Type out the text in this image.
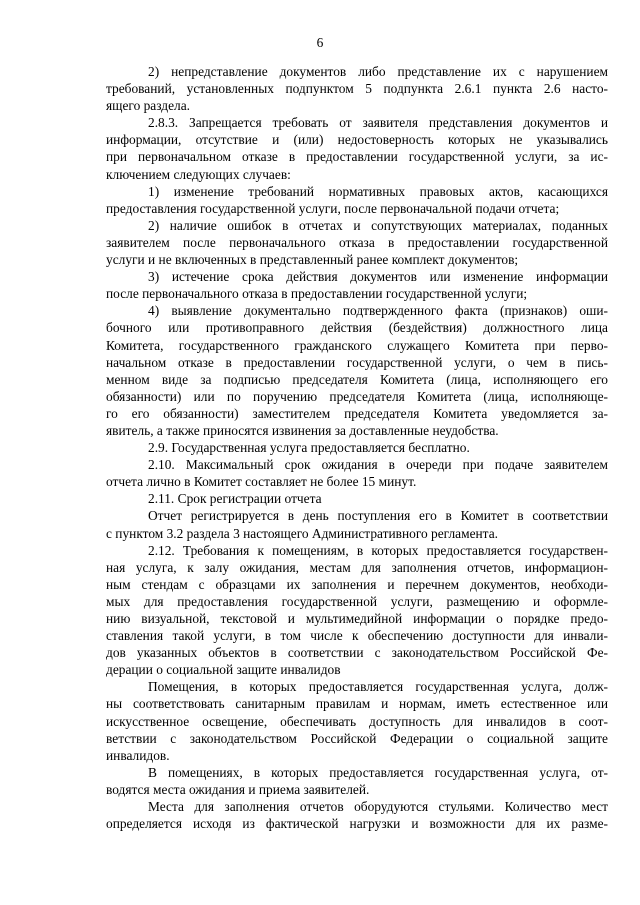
6
2) непредставление документов либо представление их с нарушением
требований, установленных подпунктом 5 подпункта 2.6.1 пункта 2.6 насто-
ящего раздела.
2.8.3. Запрещается требовать от заявителя представления документов и
информации, отсутствие и (или) недостоверность которых не указывались
при первоначальном отказе в предоставлении государственной услуги, за ис-
ключением следующих случаев:
1) изменение требований нормативных правовых актов, касающихся
предоставления государственной услуги, после первоначальной подачи отчета;
2) наличие ошибок в отчетах и сопутствующих материалах, поданных
заявителем после первоначального отказа в предоставлении государственной
услуги и не включенных в представленный ранее комплект документов;
3) истечение срока действия документов или изменение информации
после первоначального отказа в предоставлении государственной услуги;
4) выявление документально подтвержденного факта (признаков) оши-
бочного или противоправного действия (бездействия) должностного лица
Комитета, государственного гражданского служащего Комитета при перво-
начальном отказе в предоставлении государственной услуги, о чем в пись-
менном виде за подписью председателя Комитета (лица, исполняющего его
обязанности) или по поручению председателя Комитета (лица, исполняюще-
го его обязанности) заместителем председателя Комитета уведомляется за-
явитель, а также приносятся извинения за доставленные неудобства.
2.9. Государственная услуга предоставляется бесплатно.
2.10. Максимальный срок ожидания в очереди при подаче заявителем
отчета лично в Комитет составляет не более 15 минут.
2.11. Срок регистрации отчета
Отчет регистрируется в день поступления его в Комитет в соответствии
с пунктом 3.2 раздела 3 настоящего Административного регламента.
2.12. Требования к помещениям, в которых предоставляется государствен-
ная услуга, к залу ожидания, местам для заполнения отчетов, информацион-
ным стендам с образцами их заполнения и перечнем документов, необходи-
мых для предоставления государственной услуги, размещению и оформле-
нию визуальной, текстовой и мультимедийной информации о порядке предо-
ставления такой услуги, в том числе к обеспечению доступности для инвали-
дов указанных объектов в соответствии с законодательством Российской Фе-
дерации о социальной защите инвалидов
Помещения, в которых предоставляется государственная услуга, долж-
ны соответствовать санитарным правилам и нормам, иметь естественное или
искусственное освещение, обеспечивать доступность для инвалидов в соот-
ветствии с законодательством Российской Федерации о социальной защите
инвалидов.
В помещениях, в которых предоставляется государственная услуга, от-
водятся места ожидания и приема заявителей.
Места для заполнения отчетов оборудуются стульями. Количество мест
определяется исходя из фактической нагрузки и возможности для их разме-
